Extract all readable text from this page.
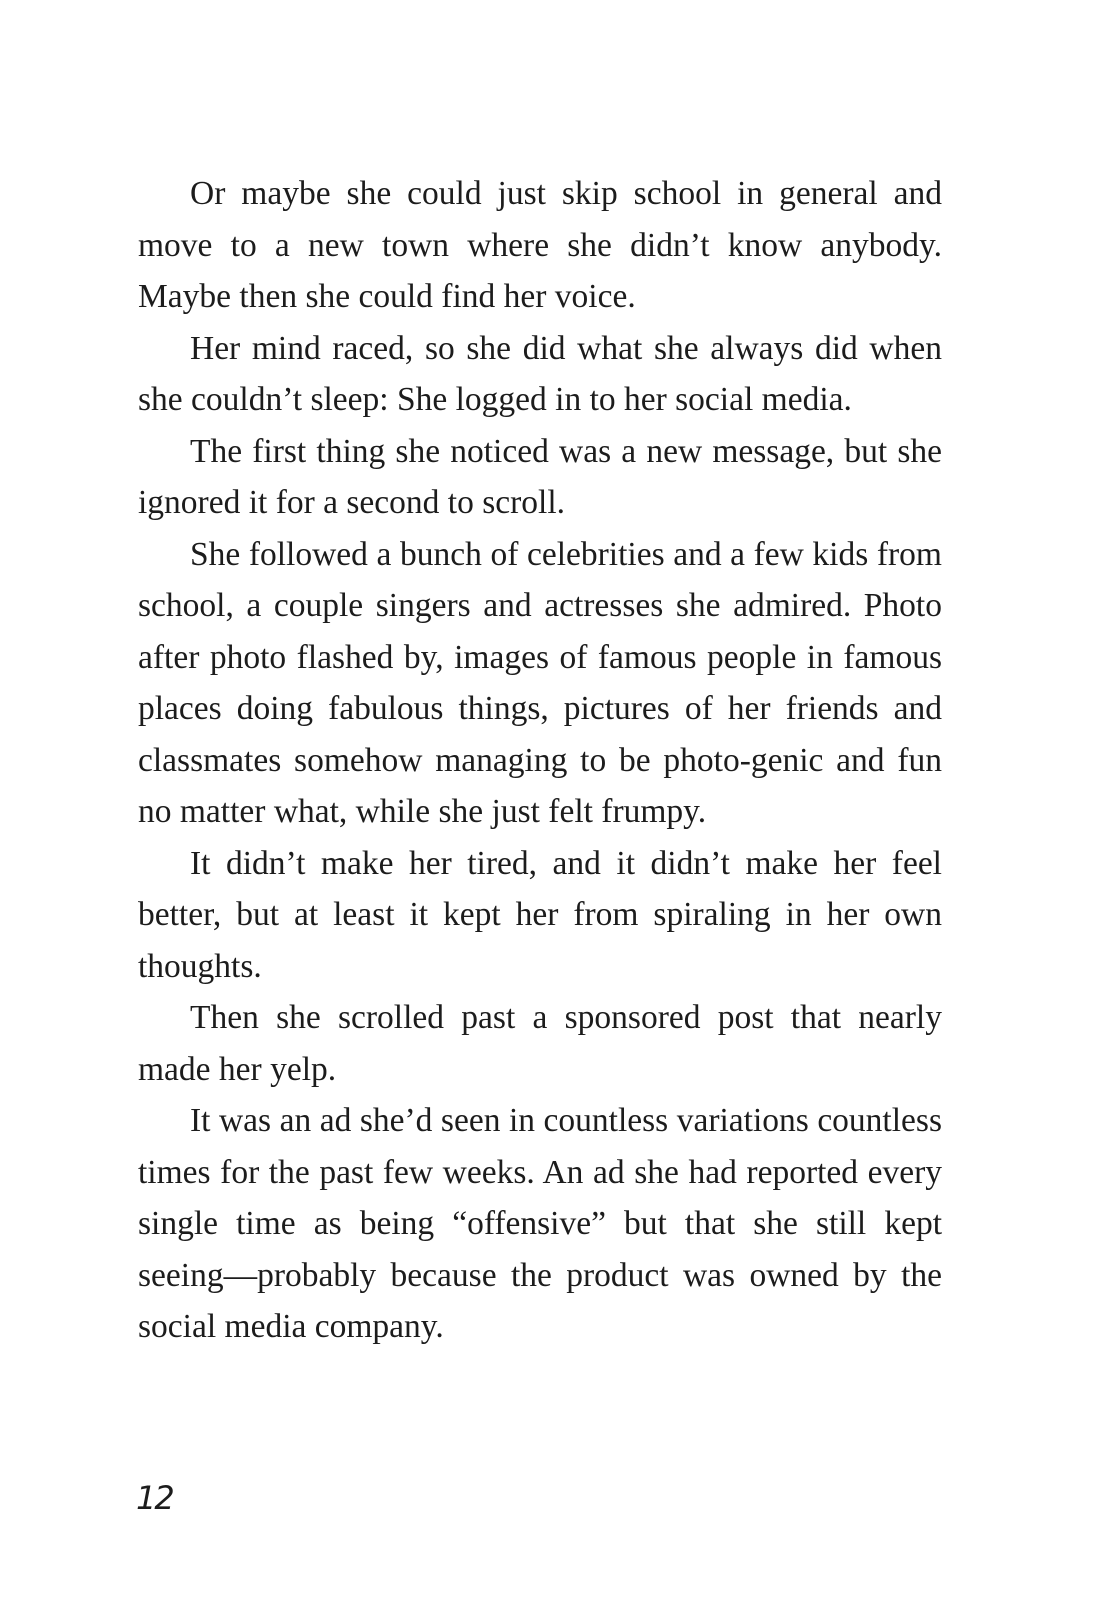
Or maybe she could just skip school in general and move to a new town where she didn’t know anybody. Maybe then she could find her voice.

Her mind raced, so she did what she always did when she couldn’t sleep: She logged in to her social media.

The first thing she noticed was a new message, but she ignored it for a second to scroll.

She followed a bunch of celebrities and a few kids from school, a couple singers and actresses she admired. Photo after photo flashed by, images of famous people in famous places doing fabulous things, pictures of her friends and classmates somehow managing to be photo-genic and fun no matter what, while she just felt frumpy.

It didn’t make her tired, and it didn’t make her feel better, but at least it kept her from spiraling in her own thoughts.

Then she scrolled past a sponsored post that nearly made her yelp.

It was an ad she’d seen in countless variations countless times for the past few weeks. An ad she had reported every single time as being “offensive” but that she still kept seeing—probably because the product was owned by the social media company.

12
